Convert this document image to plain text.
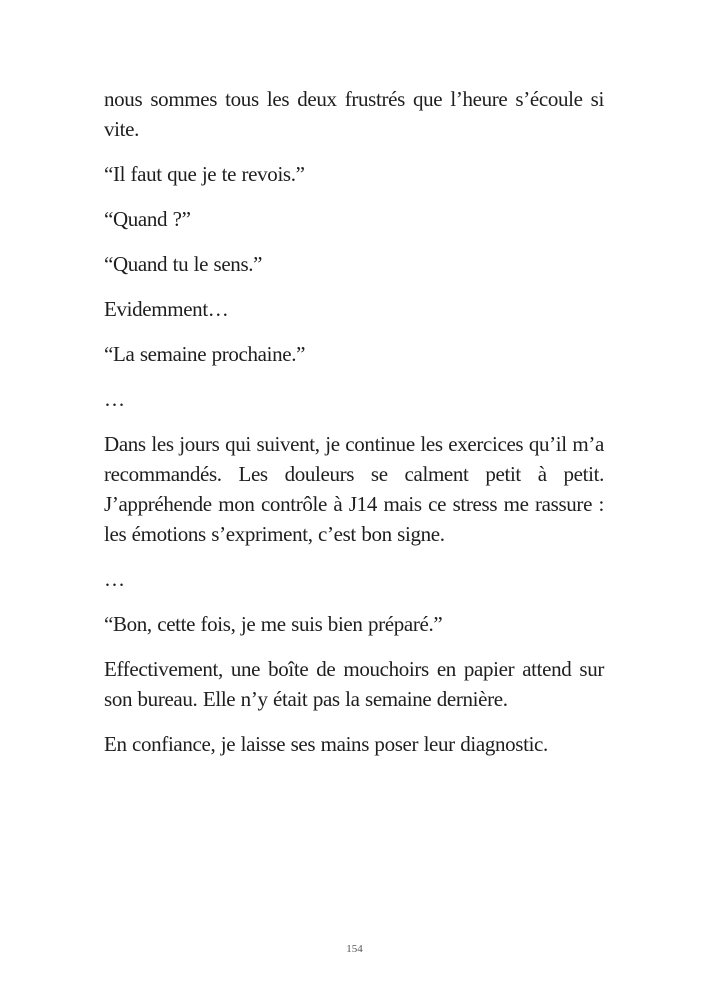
nous sommes tous les deux frustrés que l’heure s’écoule si vite.

“Il faut que je te revois.”

“Quand ?”

“Quand tu le sens.”

Evidemment…

“La semaine prochaine.”

…

Dans les jours qui suivent, je continue les exercices qu’il m’a recommandés. Les douleurs se calment petit à petit. J’appréhende mon contrôle à J14 mais ce stress me rassure : les émotions s’expriment, c’est bon signe.

…

“Bon, cette fois, je me suis bien préparé.”

Effectivement, une boîte de mouchoirs en papier attend sur son bureau. Elle n’y était pas la semaine dernière.

En confiance, je laisse ses mains poser leur diagnostic.

154
